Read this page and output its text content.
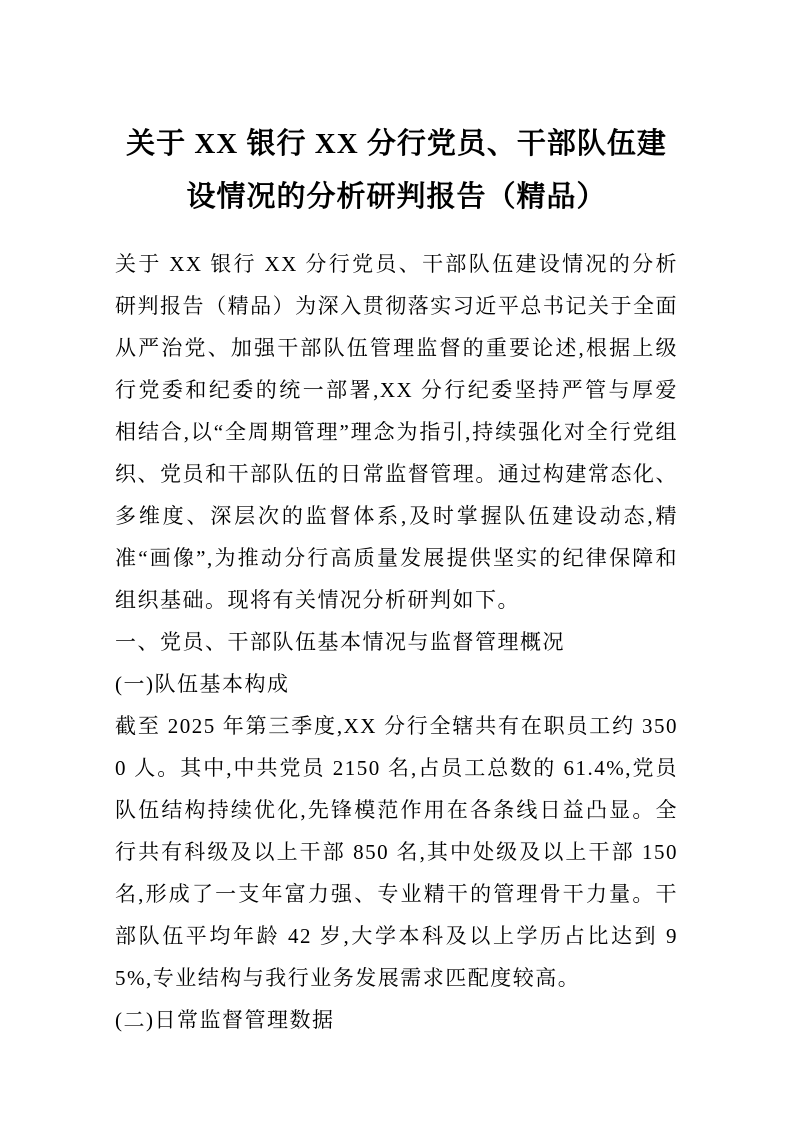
关于 XX 银行 XX 分行党员、干部队伍建设情况的分析研判报告（精品）

关于 XX 银行 XX 分行党员、干部队伍建设情况的分析研判报告（精品）为深入贯彻落实习近平总书记关于全面从严治党、加强干部队伍管理监督的重要论述,根据上级行党委和纪委的统一部署,XX 分行纪委坚持严管与厚爱相结合,以“全周期管理”理念为指引,持续强化对全行党组织、党员和干部队伍的日常监督管理。通过构建常态化、多维度、深层次的监督体系,及时掌握队伍建设动态,精准“画像”,为推动分行高质量发展提供坚实的纪律保障和组织基础。现将有关情况分析研判如下。

一、党员、干部队伍基本情况与监督管理概况

(一)队伍基本构成

截至 2025 年第三季度,XX 分行全辖共有在职员工约 3500 人。其中,中共党员 2150 名,占员工总数的 61.4%,党员队伍结构持续优化,先锋模范作用在各条线日益凸显。全行共有科级及以上干部 850 名,其中处级及以上干部 150 名,形成了一支年富力强、专业精干的管理骨干力量。干部队伍平均年龄 42 岁,大学本科及以上学历占比达到 95%,专业结构与我行业务发展需求匹配度较高。

(二)日常监督管理数据
